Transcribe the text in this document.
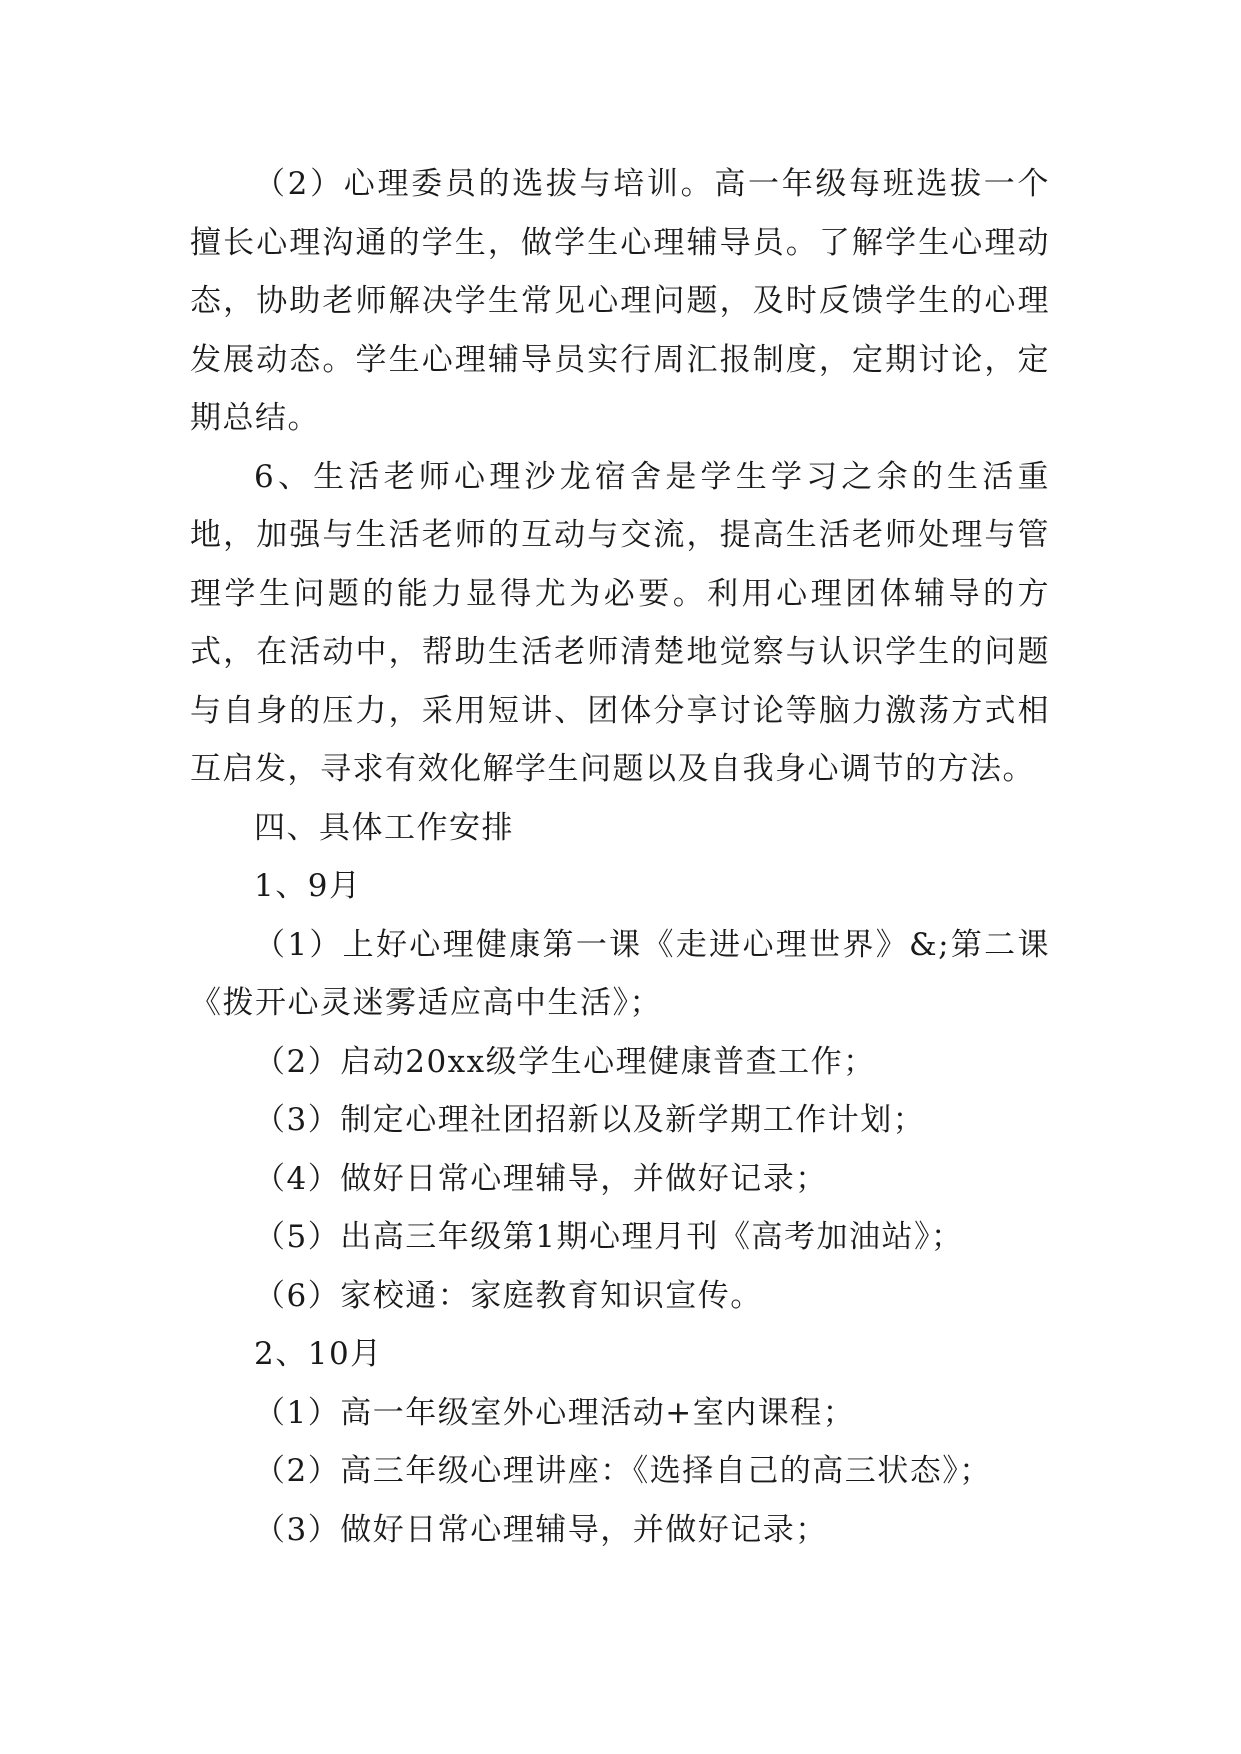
（2）心理委员的选拔与培训。高一年级每班选拔一个擅长心理沟通的学生，做学生心理辅导员。了解学生心理动态，协助老师解决学生常见心理问题，及时反馈学生的心理发展动态。学生心理辅导员实行周汇报制度，定期讨论，定期总结。

6、生活老师心理沙龙宿舍是学生学习之余的生活重地，加强与生活老师的互动与交流，提高生活老师处理与管理学生问题的能力显得尤为必要。利用心理团体辅导的方式，在活动中，帮助生活老师清楚地觉察与认识学生的问题与自身的压力，采用短讲、团体分享讨论等脑力激荡方式相互启发，寻求有效化解学生问题以及自我身心调节的方法。

四、具体工作安排

1、9月

（1）上好心理健康第一课《走进心理世界》&;第二课《拨开心灵迷雾适应高中生活》；

（2）启动20xx级学生心理健康普查工作；

（3）制定心理社团招新以及新学期工作计划；

（4）做好日常心理辅导，并做好记录；

（5）出高三年级第1期心理月刊《高考加油站》；

（6）家校通：家庭教育知识宣传。

2、10月

（1）高一年级室外心理活动+室内课程；

（2）高三年级心理讲座：《选择自己的高三状态》；

（3）做好日常心理辅导，并做好记录；
